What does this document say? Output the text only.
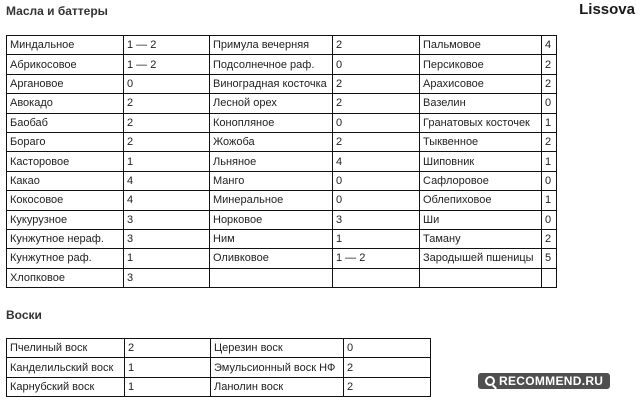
Масла и баттеры	Lissova
Миндальное	1 — 2	Примула вечерняя	2	Пальмовое	4
Абрикосовое	1 — 2	Подсолнечное раф.	0	Персиковое	2
Аргановое	0	Виноградная косточка	2	Арахисовое	2
Авокадо	2	Лесной орех	2	Вазелин	0
Баобаб	2	Конопляное	0	Гранатовых косточек	1
Бораго	2	Жожоба	2	Тыквенное	2
Касторовое	1	Льняное	4	Шиповник	1
Какао	4	Манго	0	Сафлоровое	0
Кокосовое	4	Минеральное	0	Облепиховое	1
Кукурузное	3	Норковое	3	Ши	0
Кунжутное нераф.	3	Ним	1	Таману	2
Кунжутное раф.	1	Оливковое	1 — 2	Зародышей пшеницы	5
Хлопковое	3				
Воски
Пчелиный воск	2	Церезин воск	0
Канделильский воск	1	Эмульсионный воск НФ	2
Карнубский воск	1	Ланолин воск	2	RECOMMEND.RU
